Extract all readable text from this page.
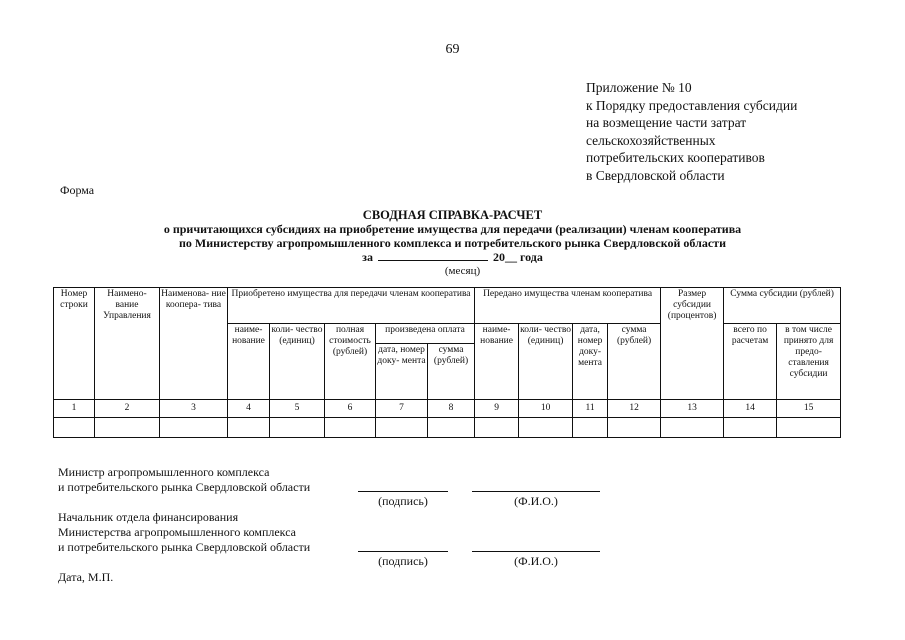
69
Приложение № 10
к Порядку предоставления субсидии
на возмещение части затрат
сельскохозяйственных
потребительских кооперативов
в Свердловской области
Форма
СВОДНАЯ СПРАВКА-РАСЧЕТ
о причитающихся субсидиях на приобретение имущества для передачи (реализации) членам кооператива
по Министерству агропромышленного комплекса и потребительского рынка Свердловской области
за	20__ года
(месяц)
Номер строки	Наимено- вание Управления	Наименова- ние коопера- тива	Приобретено имущества для передачи членам кооператива					Передано имущества членам кооператива				Размер субсидии (процентов)	Сумма субсидии (рублей)	
			наиме- нование	коли- чество (единиц)	полная стоимость (рублей)	произведена оплата		наиме- нование	коли- чество (единиц)	дата, номер доку- мента	сумма (рублей)		всего по расчетам	в том числе принято для предо- ставления субсидии
						дата, номер доку- мента	сумма (рублей)							
1	2	3	4	5	6	7	8	9	10	11	12	13	14	15

Министр агропромышленного комплекса
и потребительского рынка Свердловской области
(подпись)	(Ф.И.О.)
Начальник отдела финансирования
Министерства агропромышленного комплекса
и потребительского рынка Свердловской области
(подпись)	(Ф.И.О.)
Дата, М.П.
